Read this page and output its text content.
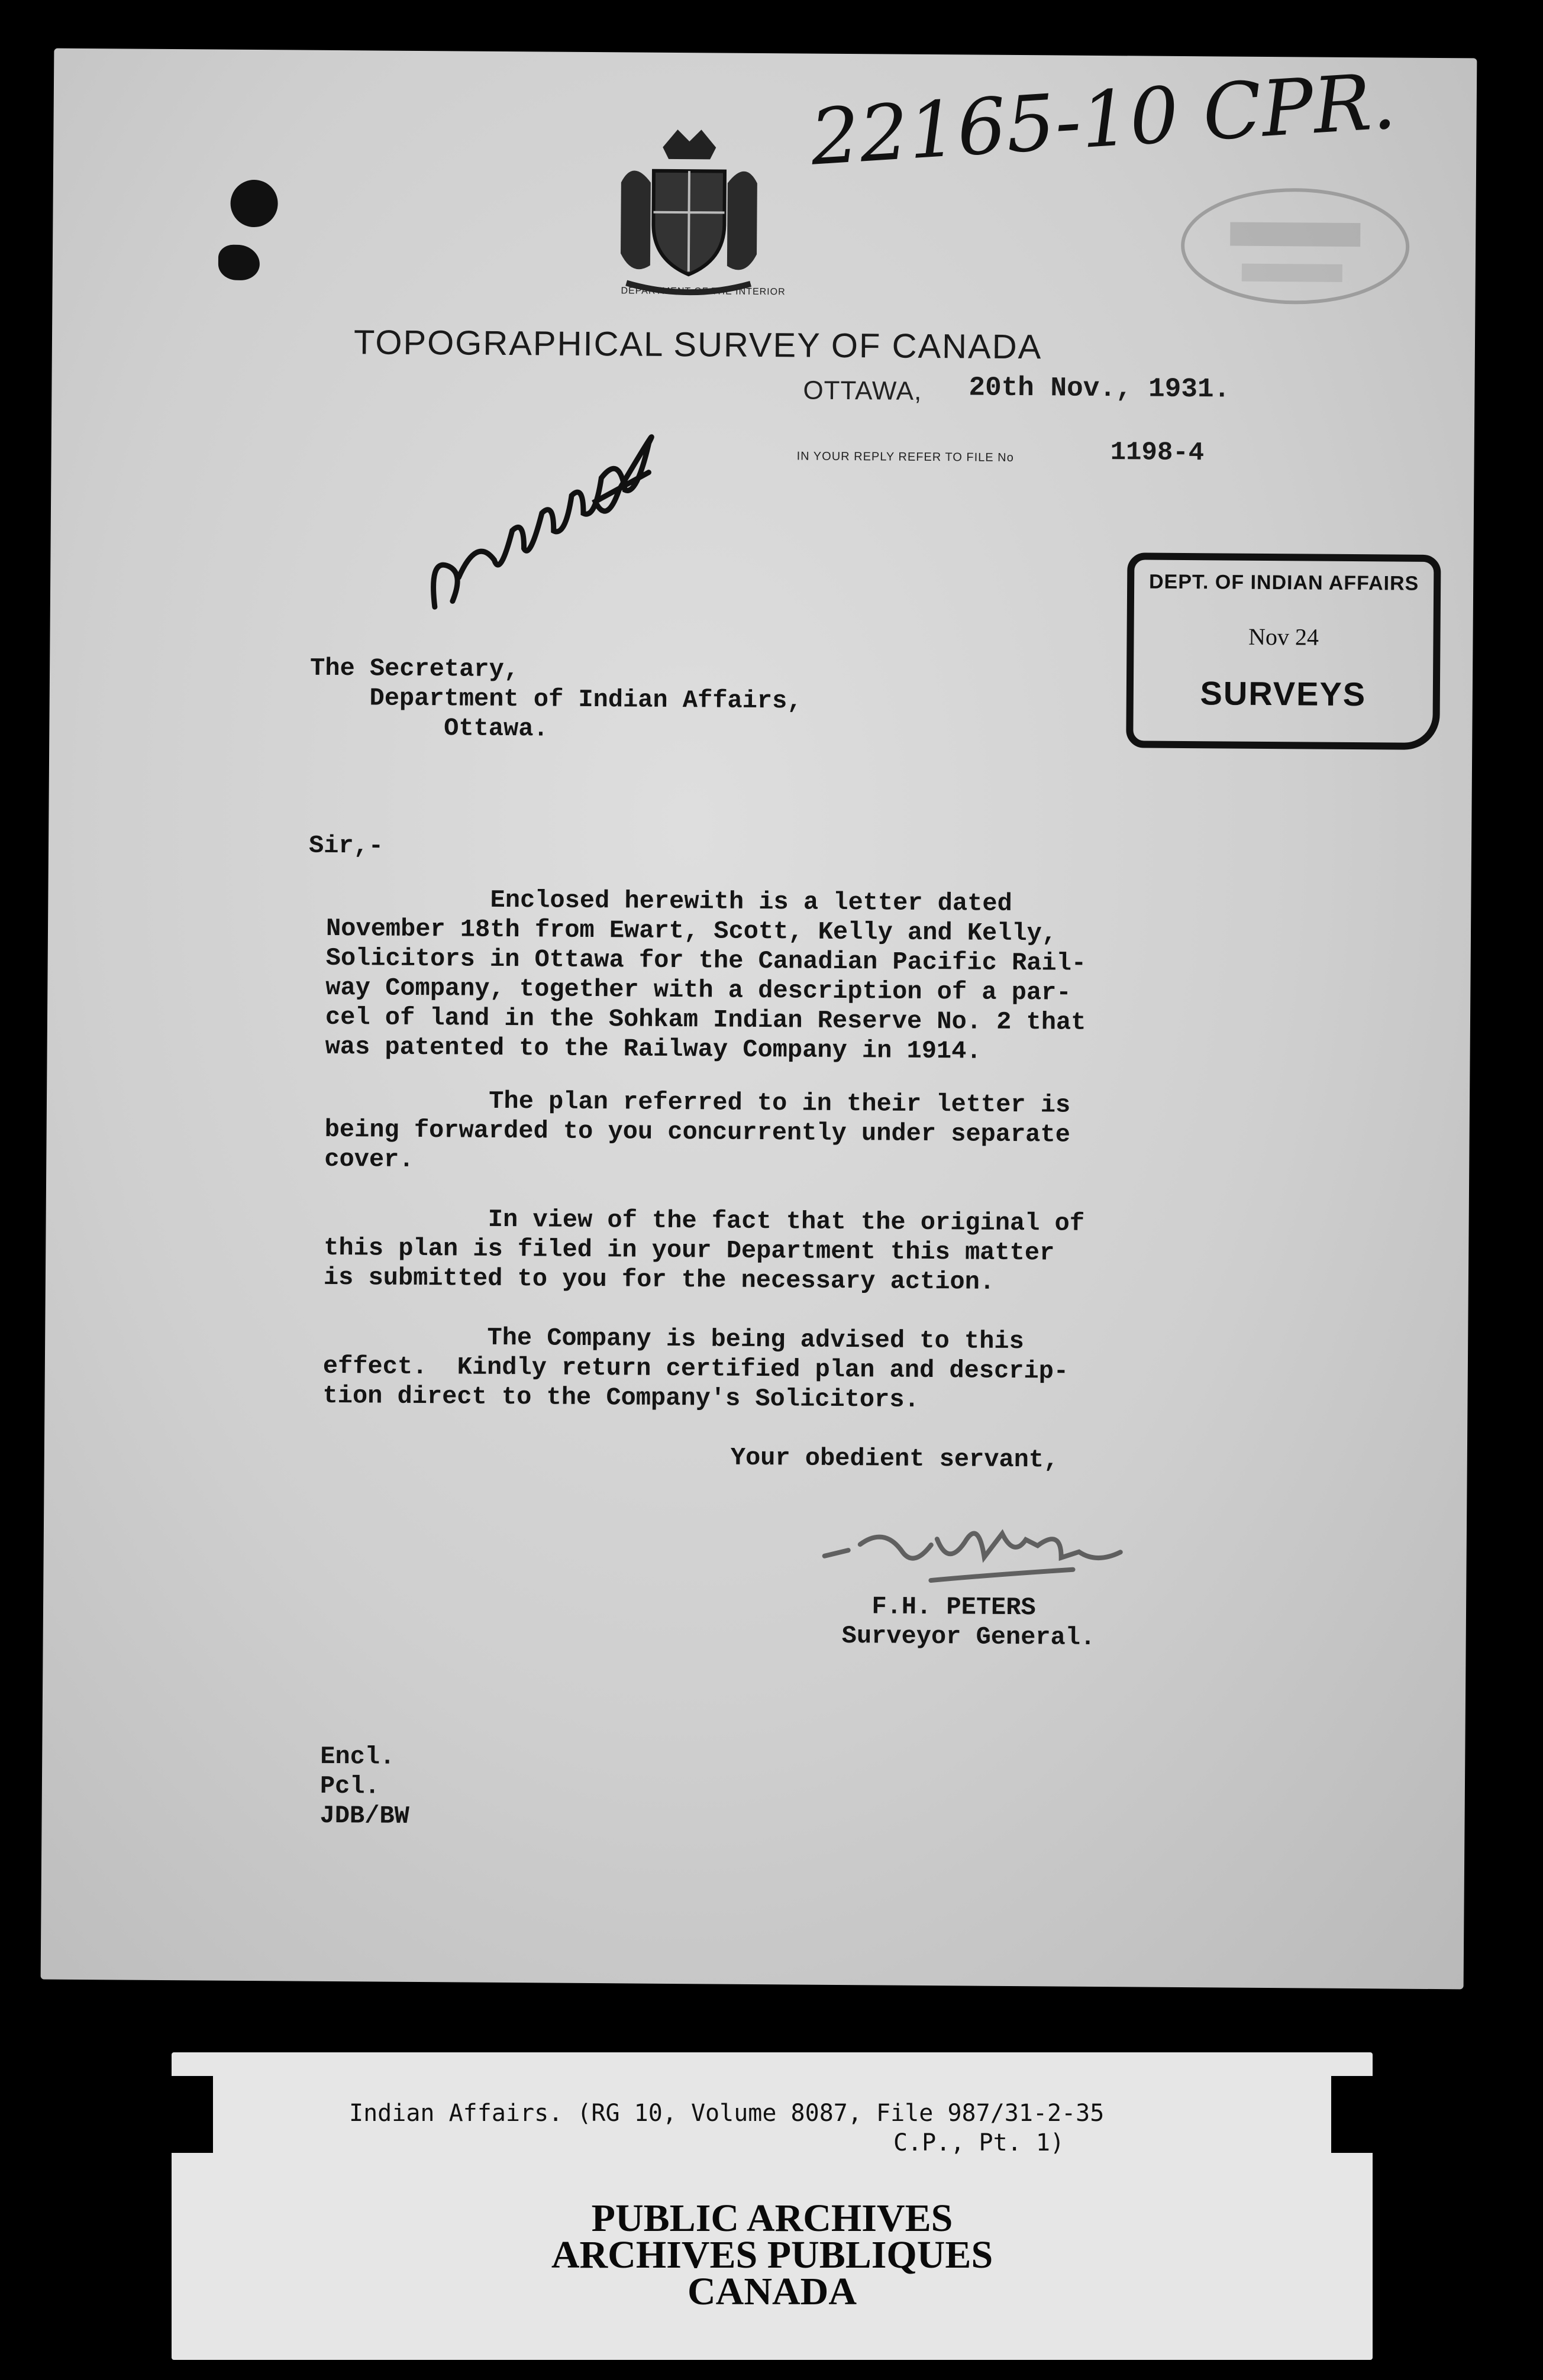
22165-10 CPR.
DEPARTMENT OF THE INTERIOR
TOPOGRAPHICAL SURVEY OF CANADA
OTTAWA, 20th Nov., 1931.
IN YOUR REPLY REFER TO FILE No	1198-4
DEPT. OF INDIAN AFFAIRS
Nov 24
SURVEYS
The Secretary,
Department of Indian Affairs,
Ottawa.
Sir,-
Enclosed herewith is a letter dated
November 18th from Ewart, Scott, Kelly and Kelly,
Solicitors in Ottawa for the Canadian Pacific Rail-
way Company, together with a description of a par-
cel of land in the Sohkam Indian Reserve No. 2 that
was patented to the Railway Company in 1914.
The plan referred to in their letter is
being forwarded to you concurrently under separate
cover.
In view of the fact that the original of
this plan is filed in your Department this matter
is submitted to you for the necessary action.
The Company is being advised to this
effect.  Kindly return certified plan and descrip-
tion direct to the Company's Solicitors.
Your obedient servant,
F.H. PETERS
Surveyor General.
Encl.
Pcl.
JDB/BW
Indian Affairs. (RG 10, Volume 8087, File 987/31-2-35
C.P., Pt. 1)
PUBLIC ARCHIVES
ARCHIVES PUBLIQUES
CANADA
